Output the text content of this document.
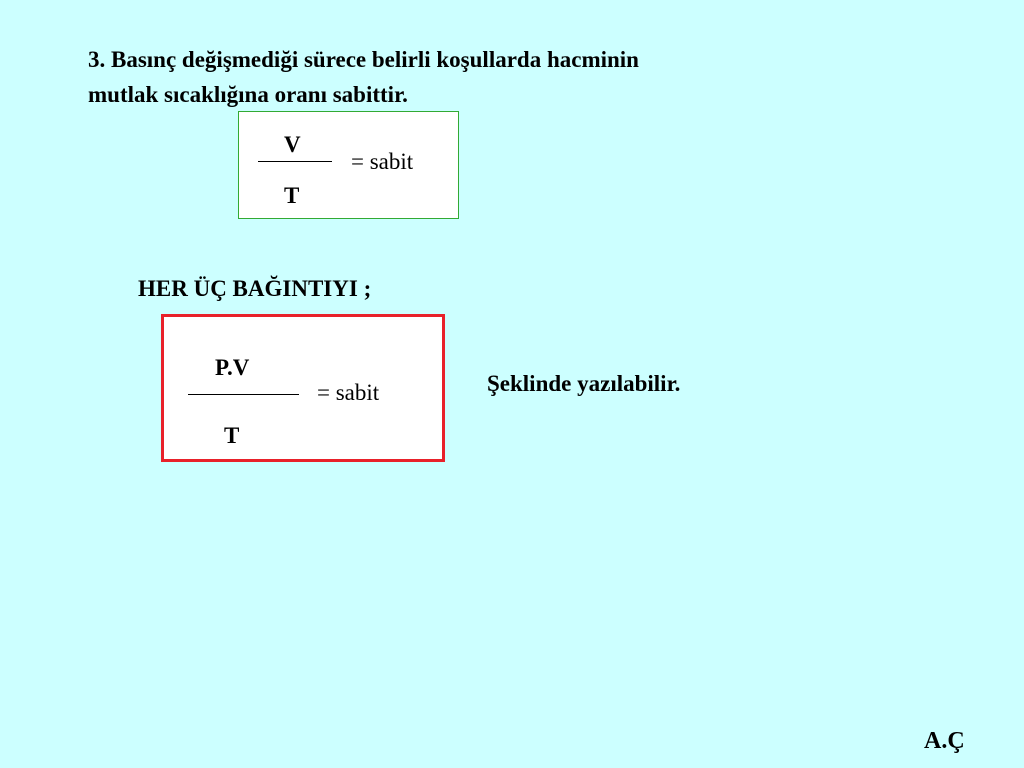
3. Basınç değişmediği sürece belirli koşullarda hacminin
mutlak sıcaklığına oranı sabittir.

V
= sabit
T
HER ÜÇ BAĞINTIYI ;
P.V
= sabit
T
Şeklinde yazılabilir.
A.Ç
